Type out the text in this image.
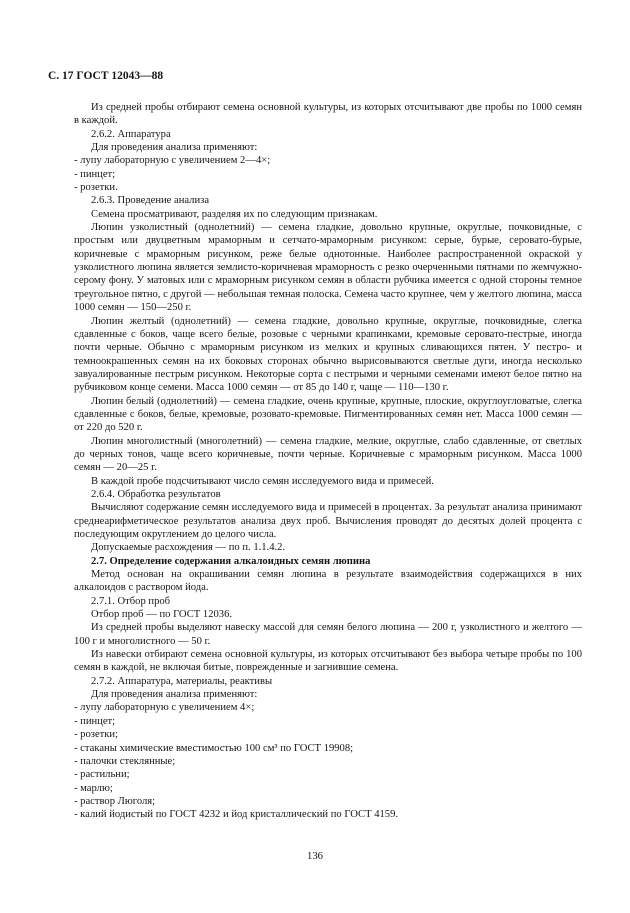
С. 17 ГОСТ 12043—88

Из средней пробы отбирают семена основной культуры, из которых отсчитывают две пробы по 1000 семян в каждой.

2.6.2. Аппаратура

Для проведения анализа применяют:

- лупу лабораторную с увеличением 2—4×;

- пинцет;

- розетки.

2.6.3. Проведение анализа

Семена просматривают, разделяя их по следующим признакам.

Люпин узколистный (однолетний) — семена гладкие, довольно крупные, округлые, почковидные, с простым или двуцветным мраморным и сетчато-мраморным рисунком: серые, бурые, серовато-бурые, коричневые с мраморным рисунком, реже белые однотонные. Наиболее распространенной окраской у узколистного люпина является землисто-коричневая мраморность с резко очерченными пятнами по жемчужно-серому фону. У матовых или с мраморным рисунком семян в области рубчика имеется с одной стороны темное треугольное пятно, с другой — небольшая темная полоска. Семена часто крупнее, чем у желтого люпина, масса 1000 семян — 150—250 г.

Люпин желтый (однолетний) — семена гладкие, довольно крупные, округлые, почковидные, слегка сдавленные с боков, чаще всего белые, розовые с черными крапинками, кремовые серовато-пестрые, иногда почти черные. Обычно с мраморным рисунком из мелких и крупных сливающихся пятен. У пестро- и темноокрашенных семян на их боковых сторонах обычно вырисовываются светлые дуги, иногда несколько завуалированные пестрым рисунком. Некоторые сорта с пестрыми и черными семенами имеют белое пятно на рубчиковом конце семени. Масса 1000 семян — от 85 до 140 г, чаще — 110—130 г.

Люпин белый (однолетний) — семена гладкие, очень крупные, крупные, плоские, округлоугловатые, слегка сдавленные с боков, белые, кремовые, розовато-кремовые. Пигментированных семян нет. Масса 1000 семян — от 220 до 520 г.

Люпин многолистный (многолетний) — семена гладкие, мелкие, округлые, слабо сдавленные, от светлых до черных тонов, чаще всего коричневые, почти черные. Коричневые с мраморным рисунком. Масса 1000 семян — 20—25 г.

В каждой пробе подсчитывают число семян исследуемого вида и примесей.

2.6.4. Обработка результатов

Вычисляют содержание семян исследуемого вида и примесей в процентах. За результат анализа принимают среднеарифметическое результатов анализа двух проб. Вычисления проводят до десятых долей процента с последующим округлением до целого числа.

Допускаемые расхождения — по п. 1.1.4.2.

2.7. Определение содержания алкалоидных семян люпина

Метод основан на окрашивании семян люпина в результате взаимодействия содержащихся в них алкалоидов с раствором йода.

2.7.1. Отбор проб

Отбор проб — по ГОСТ 12036.

Из средней пробы выделяют навеску массой для семян белого люпина — 200 г, узколистного и желтого — 100 г и многолистного — 50 г.

Из навески отбирают семена основной культуры, из которых отсчитывают без выбора четыре пробы по 100 семян в каждой, не включая битые, поврежденные и загнившие семена.

2.7.2. Аппаратура, материалы, реактивы

Для проведения анализа применяют:

- лупу лабораторную с увеличением 4×;

- пинцет;

- розетки;

- стаканы химические вместимостью 100 см³ по ГОСТ 19908;

- палочки стеклянные;

- растильни;

- марлю;

- раствор Люголя;

- калий йодистый по ГОСТ 4232 и йод кристаллический по ГОСТ 4159.

136
